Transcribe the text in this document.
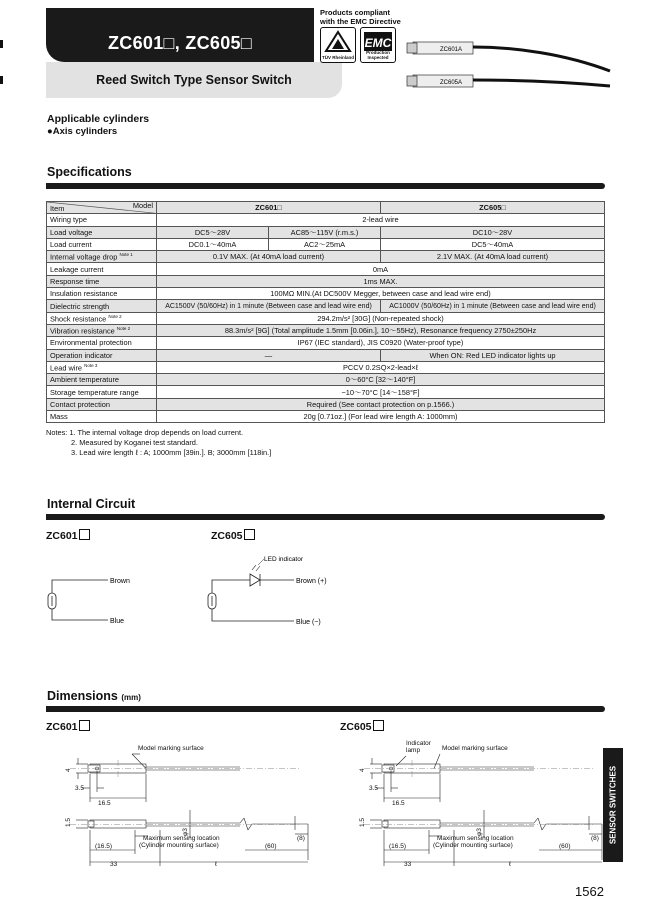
ZC601□, ZC605□
Reed Switch Type Sensor Switch
Products compliant
with the EMC Directive
TÜV Rheinland
EMC
Production Inspected
ZC601A
ZC605A
Applicable cylinders
●Axis cylinders
Specifications
Item Model	ZC601□		ZC605□
Wiring type	2-lead wire		
Load voltage	DC5～28V	AC85～115V (r.m.s.)	DC10～28V
Load current	DC0.1～40mA	AC2～25mA	DC5～40mA
Internal voltage drop $^{Note 1}$	0.1V MAX. (At 40mA load current)		2.1V MAX. (At 40mA load current)
Leakage current	0mA		
Response time	1ms MAX.		
Insulation resistance	100MΩ MIN.(At DC500V Megger, between case and lead wire end)		
Dielectric strength	AC1500V (50/60Hz) in 1 minute (Between case and lead wire end)		AC1000V (50/60Hz) in 1 minute (Between case and lead wire end)
Shock resistance $^{Note 2}$	294.2m/s² [30G] (Non-repeated shock)		
Vibration resistance $^{Note 2}$	88.3m/s² [9G] (Total amplitude 1.5mm [0.06in.], 10～55Hz), Resonance frequency 2750±250Hz		
Environmental protection	IP67 (IEC standard), JIS C0920 (Water-proof type)		
Operation indicator	—		When ON: Red LED indicator lights up
Lead wire $^{Note 3}$	PCCV 0.2SQ×2-lead×ℓ		
Ambient temperature	0～60°C [32～140°F]		
Storage temperature range	−10～70°C [14～158°F]		
Contact protection	Required (See contact protection on p.1566.)		
Mass	20g [0.71oz.] (For lead wire length A: 1000mm)		
Notes: 1. The internal voltage drop depends on load current.
2. Measured by Koganei test standard.
3. Lead wire length ℓ : A; 1000mm [39in.]. B; 3000mm [118in.]
Internal Circuit
ZC601	ZC605
Brown
Blue
LED indicator
Brown (+)
Blue (−)
Dimensions (mm)
ZC601	ZC605
Model marking surface
4
3.5
16.5
1.5
φ3
(8)
(16.5)
Maximum sensing location
(Cylinder mounting surface)	(60)
33	ℓ
Indicator
lamp	Model marking surface
4
3.5
16.5
1.5
φ3
(8)
(16.5)
Maximum sensing location
(Cylinder mounting surface)	(60)
33	ℓ
SENSOR SWITCHES
1562
